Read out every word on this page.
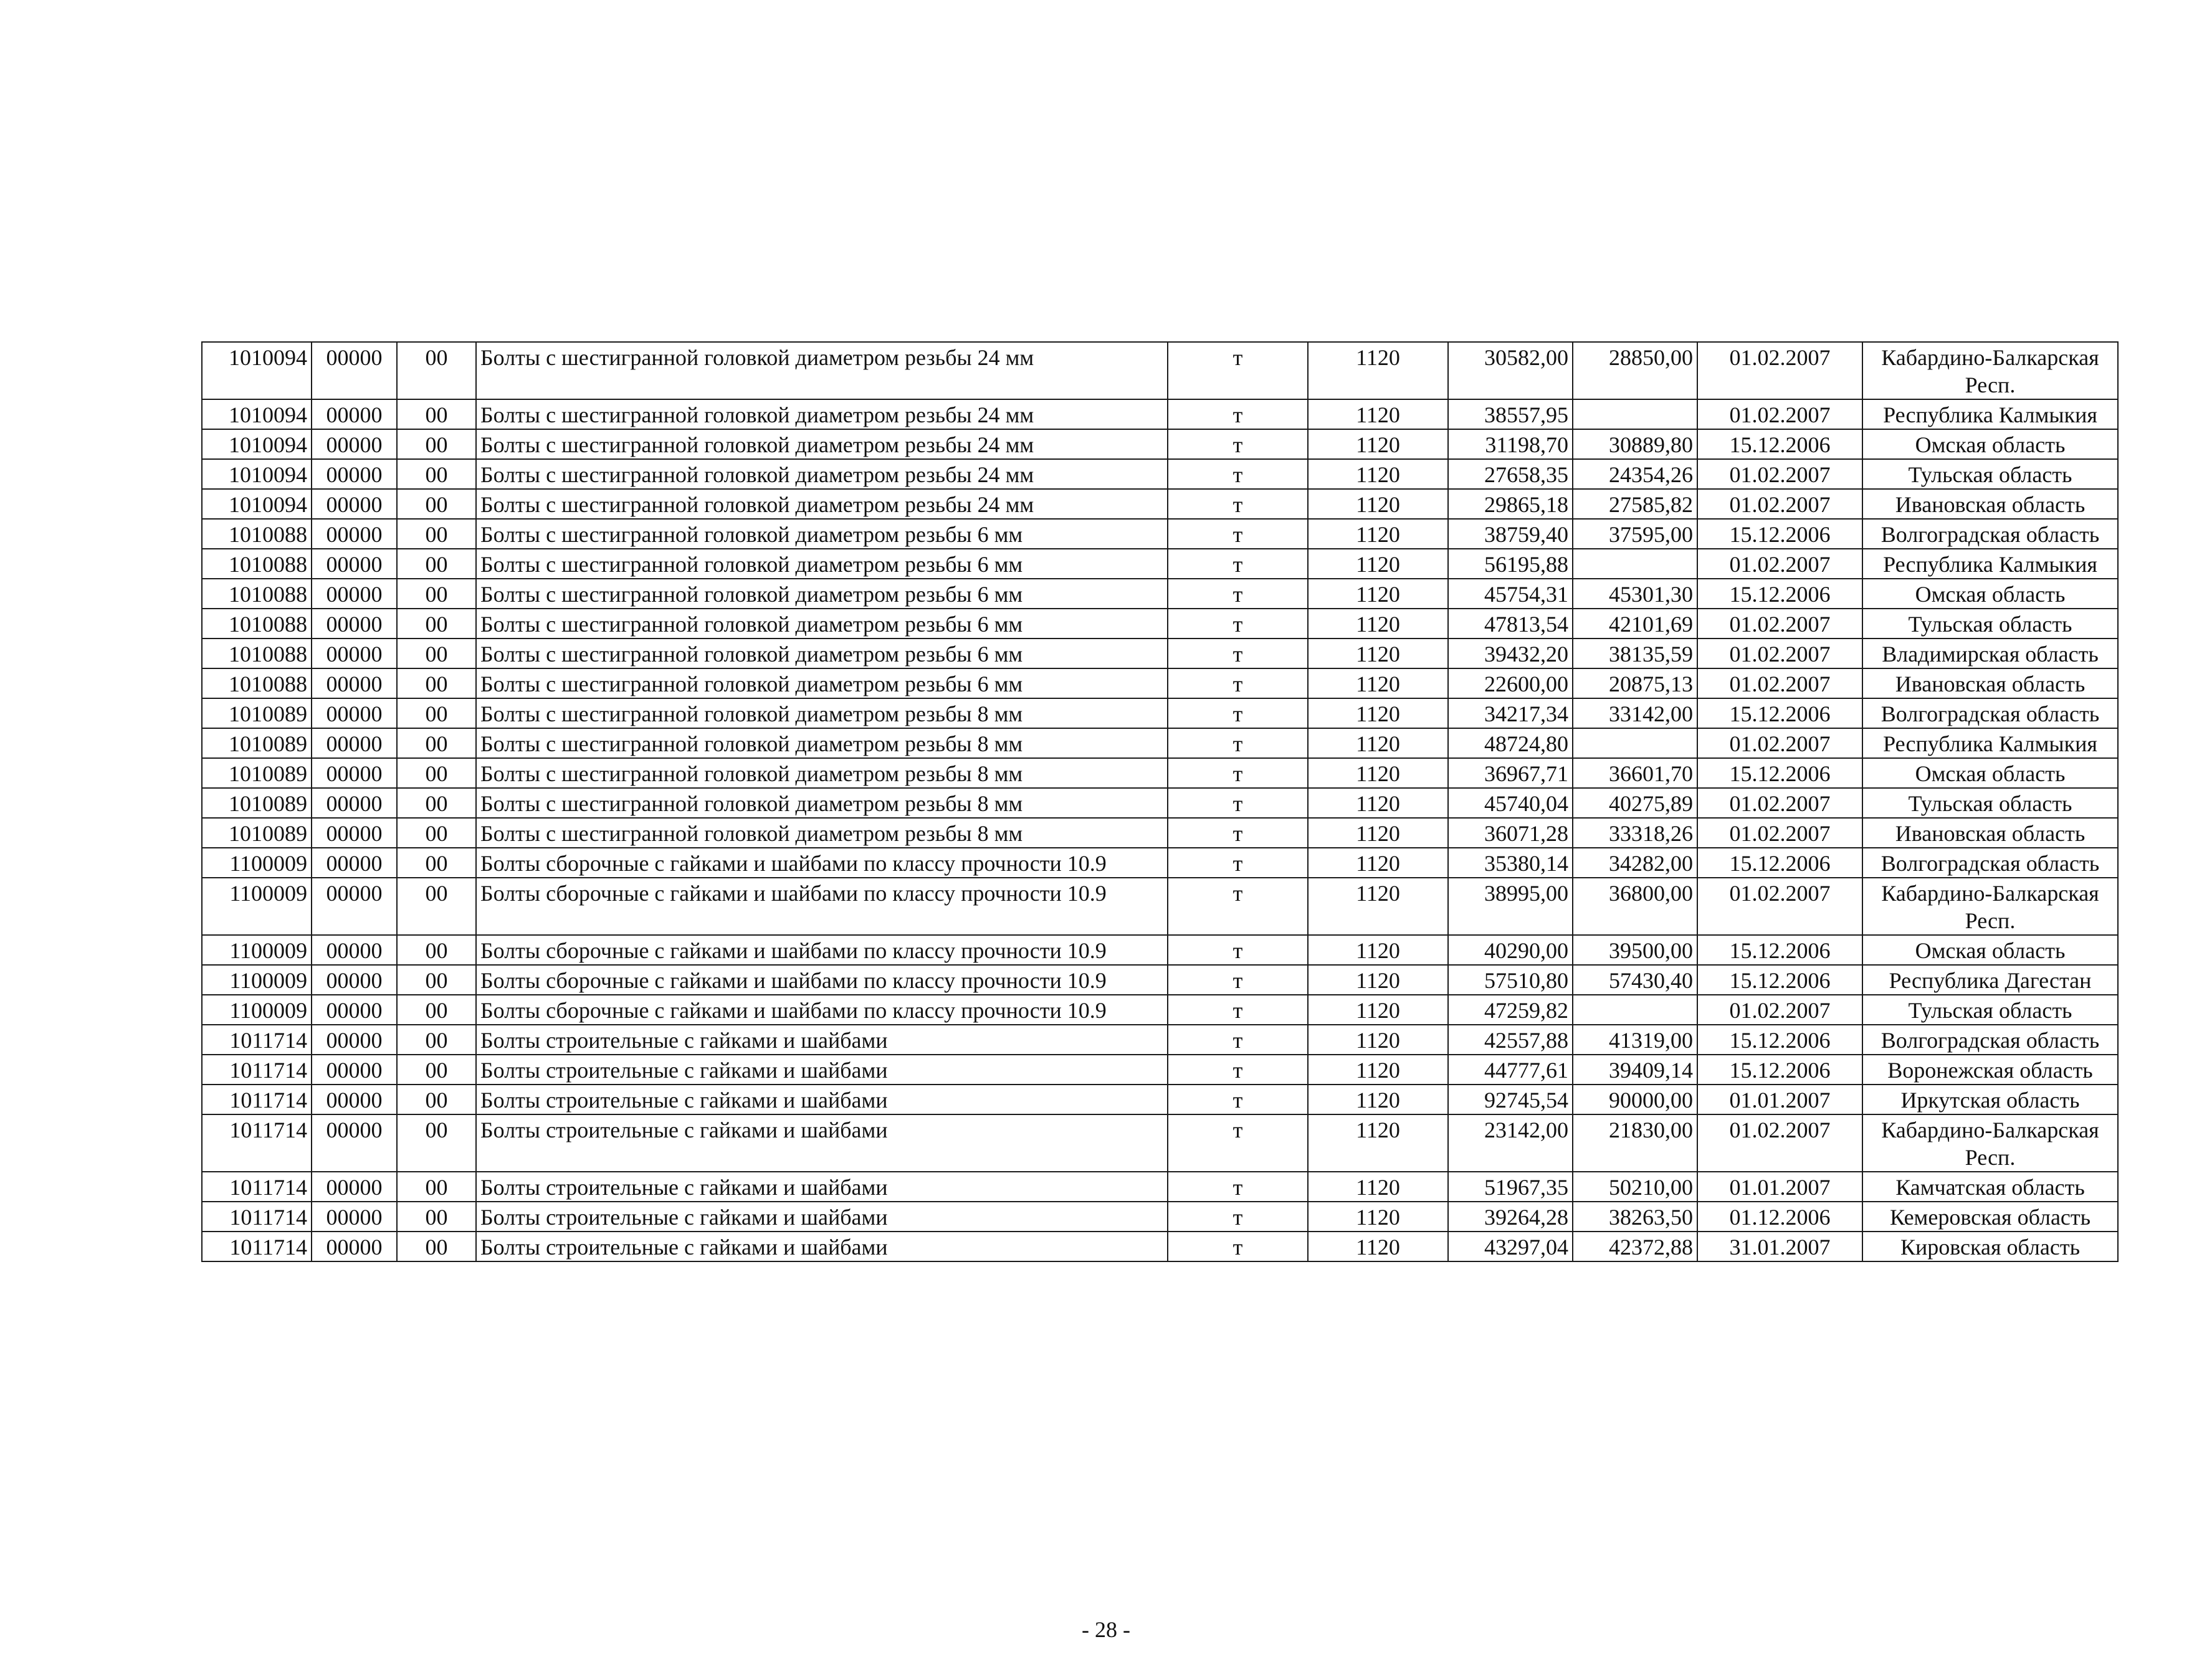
1010094	00000	00	Болты с шестигранной головкой диаметром резьбы 24 мм	т	1120	30582,00	28850,00	01.02.2007	Кабардино-Балкарская Респ.
1010094	00000	00	Болты с шестигранной головкой диаметром резьбы 24 мм	т	1120	38557,95		01.02.2007	Республика Калмыкия
1010094	00000	00	Болты с шестигранной головкой диаметром резьбы 24 мм	т	1120	31198,70	30889,80	15.12.2006	Омская область
1010094	00000	00	Болты с шестигранной головкой диаметром резьбы 24 мм	т	1120	27658,35	24354,26	01.02.2007	Тульская область
1010094	00000	00	Болты с шестигранной головкой диаметром резьбы 24 мм	т	1120	29865,18	27585,82	01.02.2007	Ивановская область
1010088	00000	00	Болты с шестигранной головкой диаметром резьбы 6 мм	т	1120	38759,40	37595,00	15.12.2006	Волгоградская область
1010088	00000	00	Болты с шестигранной головкой диаметром резьбы 6 мм	т	1120	56195,88		01.02.2007	Республика Калмыкия
1010088	00000	00	Болты с шестигранной головкой диаметром резьбы 6 мм	т	1120	45754,31	45301,30	15.12.2006	Омская область
1010088	00000	00	Болты с шестигранной головкой диаметром резьбы 6 мм	т	1120	47813,54	42101,69	01.02.2007	Тульская область
1010088	00000	00	Болты с шестигранной головкой диаметром резьбы 6 мм	т	1120	39432,20	38135,59	01.02.2007	Владимирская область
1010088	00000	00	Болты с шестигранной головкой диаметром резьбы 6 мм	т	1120	22600,00	20875,13	01.02.2007	Ивановская область
1010089	00000	00	Болты с шестигранной головкой диаметром резьбы 8 мм	т	1120	34217,34	33142,00	15.12.2006	Волгоградская область
1010089	00000	00	Болты с шестигранной головкой диаметром резьбы 8 мм	т	1120	48724,80		01.02.2007	Республика Калмыкия
1010089	00000	00	Болты с шестигранной головкой диаметром резьбы 8 мм	т	1120	36967,71	36601,70	15.12.2006	Омская область
1010089	00000	00	Болты с шестигранной головкой диаметром резьбы 8 мм	т	1120	45740,04	40275,89	01.02.2007	Тульская область
1010089	00000	00	Болты с шестигранной головкой диаметром резьбы 8 мм	т	1120	36071,28	33318,26	01.02.2007	Ивановская область
1100009	00000	00	Болты сборочные с гайками и шайбами по классу прочности 10.9	т	1120	35380,14	34282,00	15.12.2006	Волгоградская область
1100009	00000	00	Болты сборочные с гайками и шайбами по классу прочности 10.9	т	1120	38995,00	36800,00	01.02.2007	Кабардино-Балкарская Респ.
1100009	00000	00	Болты сборочные с гайками и шайбами по классу прочности 10.9	т	1120	40290,00	39500,00	15.12.2006	Омская область
1100009	00000	00	Болты сборочные с гайками и шайбами по классу прочности 10.9	т	1120	57510,80	57430,40	15.12.2006	Республика Дагестан
1100009	00000	00	Болты сборочные с гайками и шайбами по классу прочности 10.9	т	1120	47259,82		01.02.2007	Тульская область
1011714	00000	00	Болты строительные с гайками и шайбами	т	1120	42557,88	41319,00	15.12.2006	Волгоградская область
1011714	00000	00	Болты строительные с гайками и шайбами	т	1120	44777,61	39409,14	15.12.2006	Воронежская область
1011714	00000	00	Болты строительные с гайками и шайбами	т	1120	92745,54	90000,00	01.01.2007	Иркутская область
1011714	00000	00	Болты строительные с гайками и шайбами	т	1120	23142,00	21830,00	01.02.2007	Кабардино-Балкарская Респ.
1011714	00000	00	Болты строительные с гайками и шайбами	т	1120	51967,35	50210,00	01.01.2007	Камчатская область
1011714	00000	00	Болты строительные с гайками и шайбами	т	1120	39264,28	38263,50	01.12.2006	Кемеровская область
1011714	00000	00	Болты строительные с гайками и шайбами	т	1120	43297,04	42372,88	31.01.2007	Кировская область
- 28 -
